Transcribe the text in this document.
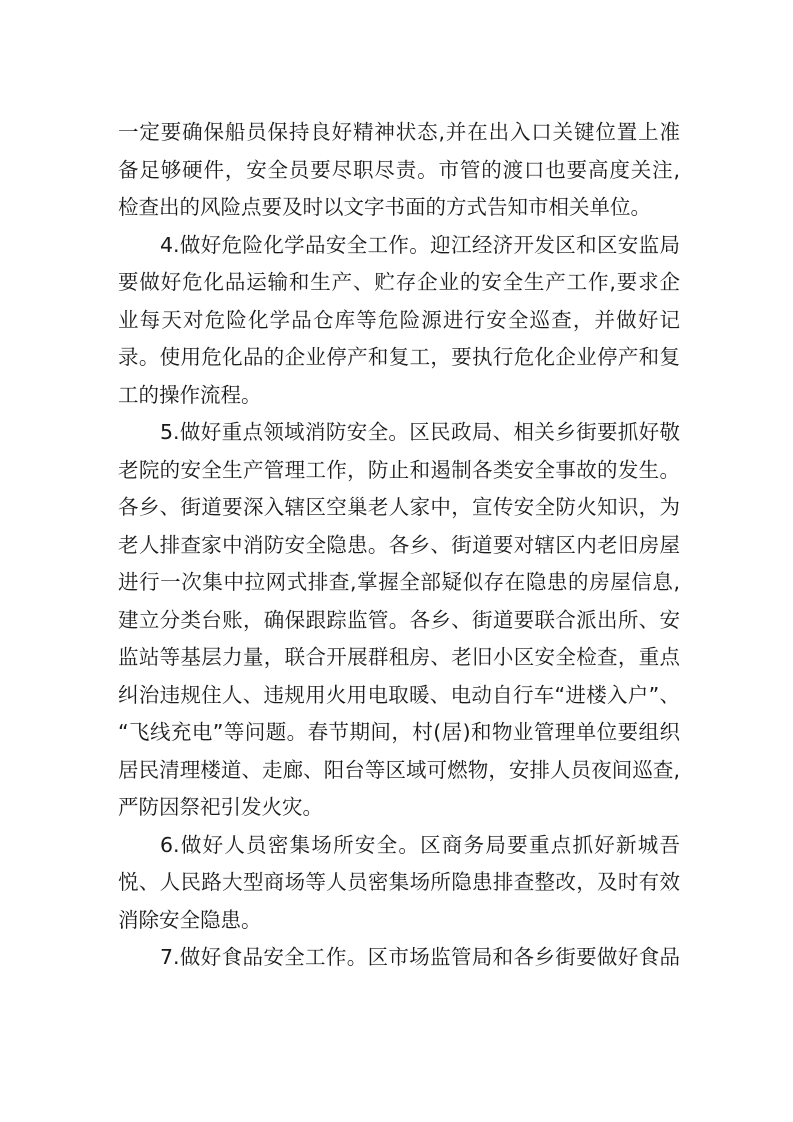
一定要确保船员保持良好精神状态,并在出入口关键位置上准
备足够硬件，安全员要尽职尽责。市管的渡口也要高度关注,
检查出的风险点要及时以文字书面的方式告知市相关单位。
4.做好危险化学品安全工作。迎江经济开发区和区安监局
要做好危化品运输和生产、贮存企业的安全生产工作,要求企
业每天对危险化学品仓库等危险源进行安全巡查，并做好记
录。使用危化品的企业停产和复工，要执行危化企业停产和复
工的操作流程。
5.做好重点领域消防安全。区民政局、相关乡街要抓好敬
老院的安全生产管理工作，防止和遏制各类安全事故的发生。
各乡、街道要深入辖区空巢老人家中，宣传安全防火知识，为
老人排查家中消防安全隐患。各乡、街道要对辖区内老旧房屋
进行一次集中拉网式排查,掌握全部疑似存在隐患的房屋信息,
建立分类台账，确保跟踪监管。各乡、街道要联合派出所、安
监站等基层力量，联合开展群租房、老旧小区安全检查，重点
纠治违规住人、违规用火用电取暖、电动自行车“进楼入户”、
“飞线充电”等问题。春节期间，村(居)和物业管理单位要组织
居民清理楼道、走廊、阳台等区域可燃物，安排人员夜间巡查,
严防因祭祀引发火灾。
6.做好人员密集场所安全。区商务局要重点抓好新城吾
悦、人民路大型商场等人员密集场所隐患排查整改，及时有效
消除安全隐患。
7.做好食品安全工作。区市场监管局和各乡街要做好食品
